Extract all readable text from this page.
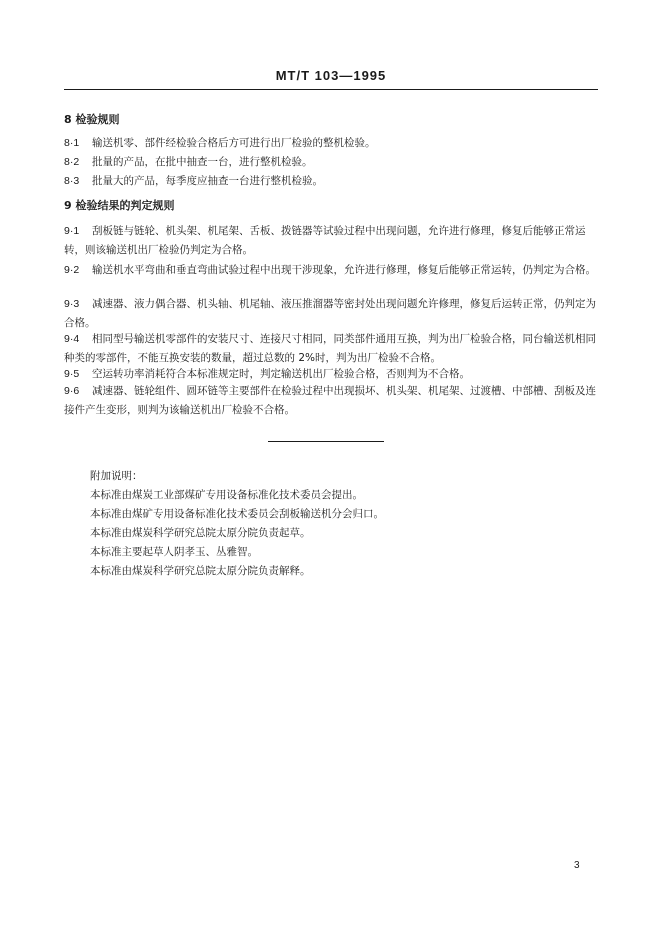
MT/T 103—1995
8 检验规则
8·1 输送机零、部件经检验合格后方可进行出厂检验的整机检验。
8·2 批量的产品，在批中抽查一台，进行整机检验。
8·3 批量大的产品，每季度应抽查一台进行整机检验。
9 检验结果的判定规则
9·1 刮板链与链轮、机头架、机尾架、舌板、拨链器等试验过程中出现问题，允许进行修理，修复后能够正常运转，则该输送机出厂检验仍判定为合格。
9·2 输送机水平弯曲和垂直弯曲试验过程中出现干涉现象，允许进行修理，修复后能够正常运转，仍判定为合格。
9·3 减速器、液力偶合器、机头轴、机尾轴、液压推溜器等密封处出现问题允许修理，修复后运转正常，仍判定为合格。
9·4 相同型号输送机零部件的安装尺寸、连接尺寸相同，同类部件通用互换，判为出厂检验合格，同台输送机相同种类的零部件，不能互换安装的数量，超过总数的 2%时，判为出厂检验不合格。
9·5 空运转功率消耗符合本标准规定时，判定输送机出厂检验合格，否则判为不合格。
9·6 减速器、链轮组件、圆环链等主要部件在检验过程中出现损坏、机头架、机尾架、过渡槽、中部槽、刮板及连接件产生变形，则判为该输送机出厂检验不合格。
附加说明：
本标准由煤炭工业部煤矿专用设备标准化技术委员会提出。
本标准由煤矿专用设备标准化技术委员会刮板输送机分会归口。
本标准由煤炭科学研究总院太原分院负责起草。
本标准主要起草人阴孝玉、丛雅智。
本标准由煤炭科学研究总院太原分院负责解释。
3
